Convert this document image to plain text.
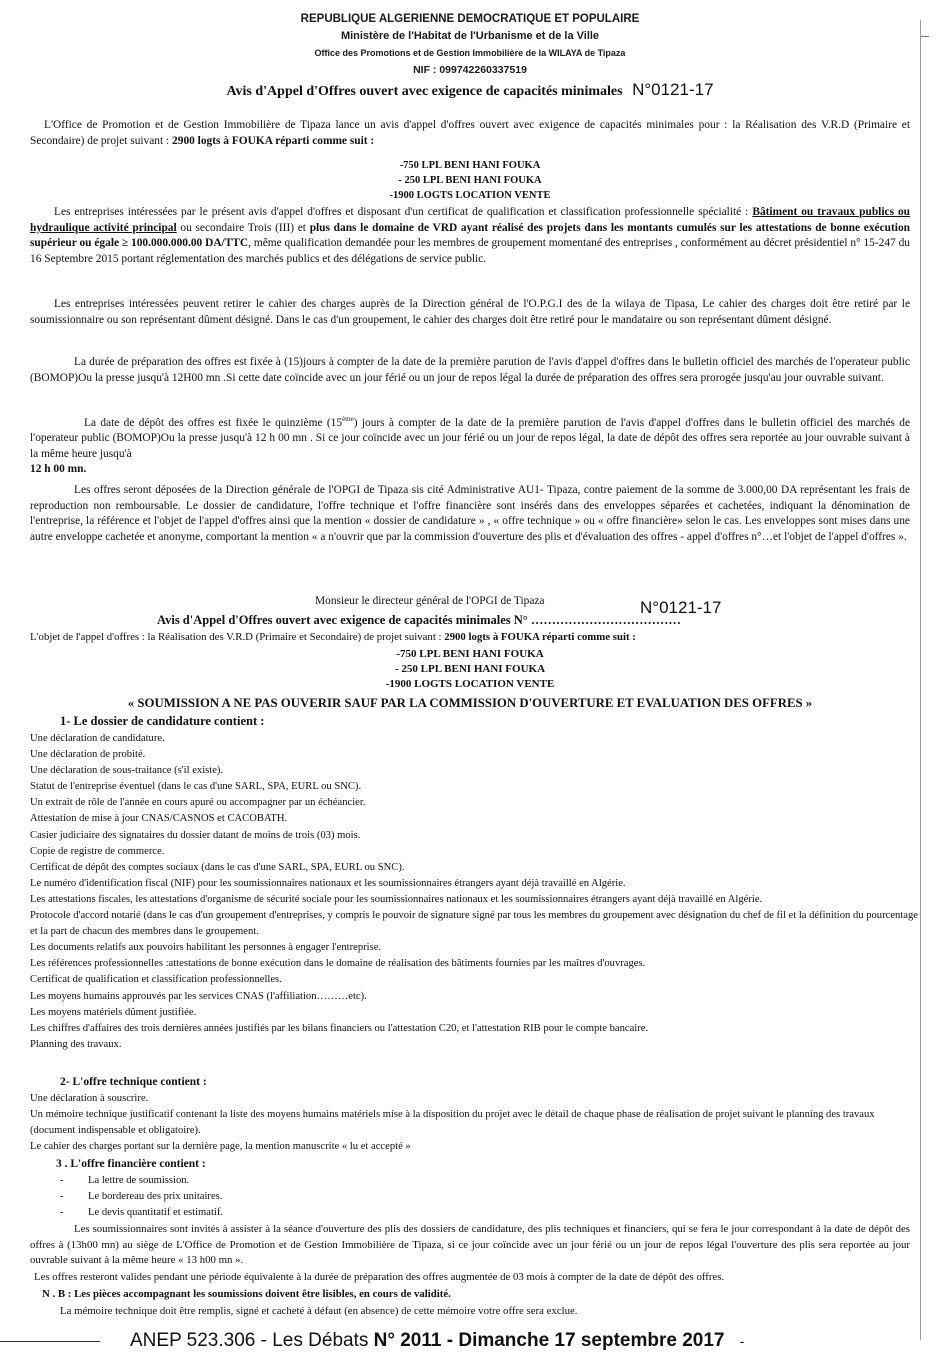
REPUBLIQUE ALGERIENNE DEMOCRATIQUE ET POPULAIRE
Ministère de l'Habitat de l'Urbanisme et de la Ville
Office des Promotions et de Gestion Immobilière de la WILAYA de Tipaza
NIF : 099742260337519
Avis d'Appel d'Offres ouvert avec exigence de capacités minimales N°0121-17
L'Office de Promotion et de Gestion Immobilière de Tipaza lance un avis d'appel d'offres ouvert avec exigence de capacités minimales pour : la Réalisation des V.R.D (Primaire et Secondaire) de projet suivant : 2900 logts à FOUKA réparti comme suit :
-750 LPL BENI HANI FOUKA
- 250 LPL BENI HANI FOUKA
-1900 LOGTS LOCATION VENTE
Les entreprises intéressées par le présent avis d'appel d'offres et disposant d'un certificat de qualification et classification professionnelle spécialité : Bâtiment ou travaux publics ou hydraulique activité principal ou secondaire Trois (III) et plus dans le domaine de VRD ayant réalisé des projets dans les montants cumulés sur les attestations de bonne exécution supérieur ou égale ≥ 100.000.000.00 DA/TTC, même qualification demandée pour les membres de groupement momentané des entreprises , conformément au décret présidentiel n° 15-247 du 16 Septembre 2015 portant réglementation des marchés publics et des délégations de service public.
Les entreprises intéressées peuvent retirer le cahier des charges auprès de la Direction général de l'O.P.G.I des de la wilaya de Tipasa, Le cahier des charges doit être retiré par le soumissionnaire ou son représentant dûment désigné. Dans le cas d'un groupement, le cahier des charges doit être retiré pour le mandataire ou son représentant dûment désigné.
La durée de préparation des offres est fixée à (15)jours à compter de la date de la première parution de l'avis d'appel d'offres dans le bulletin officiel des marchés de l'operateur public (BOMOP)Ou la presse jusqu'à 12H00 mn .Si cette date coïncide avec un jour férié ou un jour de repos légal la durée de préparation des offres sera prorogée jusqu'au jour ouvrable suivant.
La date de dépôt des offres est fixée le quinzième (15ème) jours à compter de la date de la première parution de l'avis d'appel d'offres dans le bulletin officiel des marchés de l'operateur public (BOMOP)Ou la presse jusqu'à 12 h 00 mn . Si ce jour coïncide avec un jour férié ou un jour de repos légal, la date de dépôt des offres sera reportée au jour ouvrable suivant à la même heure jusqu'à
12 h 00 mn.
Les offres seront déposées de la Direction générale de l'OPGI de Tipaza sis cité Administrative AU1- Tipaza, contre paiement de la somme de 3.000,00 DA représentant les frais de reproduction non remboursable. Le dossier de candidature, l'offre technique et l'offre financière sont insérés dans des enveloppes séparées et cachetées, indiquant la dénomination de l'entreprise, la référence et l'objet de l'appel d'offres ainsi que la mention « dossier de candidature » , « offre technique » ou « offre financière» selon le cas. Les enveloppes sont mises dans une autre enveloppe cachetée et anonyme, comportant la mention « a n'ouvrir que par la commission d'ouverture des plis et d'évaluation des offres - appel d'offres n°…et l'objet de l'appel d'offres ».
Monsieur le directeur général de l'OPGI de Tipaza	N°0121-17
Avis d'Appel d'Offres ouvert avec exigence de capacités minimales N° ………………………………
L'objet de l'appel d'offres : la Réalisation des V.R.D (Primaire et Secondaire) de projet suivant : 2900 logts à FOUKA réparti comme suit :
-750 LPL BENI HANI FOUKA
- 250 LPL BENI HANI FOUKA
-1900 LOGTS LOCATION VENTE
« SOUMISSION A NE PAS OUVERIR SAUF PAR LA COMMISSION D'OUVERTURE ET EVALUATION DES OFFRES »
1- Le dossier de candidature contient :
Une déclaration de candidature.
Une déclaration de probité.
Une déclaration de sous-traitance (s'il existe).
Statut de l'entreprise éventuel (dans le cas d'une SARL, SPA, EURL ou SNC).
Un extrait de rôle de l'année en cours apuré ou accompagner par un échéancier.
Attestation de mise à jour CNAS/CASNOS et CACOBATH.
Casier judiciaire des signataires du dossier datant de moins de trois (03) mois.
Copie de registre de commerce.
Certificat de dépôt des comptes sociaux (dans le cas d'une SARL, SPA, EURL ou SNC).
Le numéro d'identification fiscal (NIF) pour les soumissionnaires nationaux et les soumissionnaires étrangers ayant déjà travaillé en Algérie.
Les attestations fiscales, les attestations d'organisme de sécurité sociale pour les soumissionnaires nationaux et les soumissionnaires étrangers ayant déjà travaillé en Algérie.
Protocole d'accord notarié (dans le cas d'un groupement d'entreprises, y compris le pouvoir de signature signé par tous les membres du groupement avec désignation du chef de fil et la définition du pourcentage et la part de chacun des membres dans le groupement.
Les documents relatifs aux pouvoirs habilitant les personnes à engager l'entreprise.
Les références professionnelles :attestations de bonne exécution dans le domaine de réalisation des bâtiments fournies par les maîtres d'ouvrages.
Certificat de qualification et classification professionnelles.
Les moyens humains approuvés par les services CNAS (l'affiliation………etc).
Les moyens matériels dûment justifiée.
Les chiffres d'affaires des trois dernières années justifiés par les bilans financiers ou l'attestation C20, et l'attestation RIB pour le compte bancaire.
Planning des travaux.
2- L'offre technique contient :
Une déclaration à souscrire.
Un mémoire technique justificatif contenant la liste des moyens humains matériels mise à la disposition du projet avec le détail de chaque phase de réalisation de projet suivant le planning des travaux (document indispensable et obligatoire).
Le cahier des charges portant sur la dernière page, la mention manuscrite « lu et accepté »
3 . L'offre financière contient :
- La lettre de soumission.
- Le bordereau des prix unitaires.
- Le devis quantitatif et estimatif.
Les soumissionnaires sont invités à assister à la séance d'ouverture des plis des dossiers de candidature, des plis techniques et financiers, qui se fera le jour correspondant à la date de dépôt des offres à (13h00 mn) au siège de L'Office de Promotion et de Gestion Immobilière de Tipaza, si ce jour coïncide avec un jour férié ou un jour de repos légal l'ouverture des plis sera reportée au jour ouvrable suivant à la même heure « 13 h00 mn ».
Les offres resteront valides pendant une période équivalente à la durée de préparation des offres augmentée de 03 mois à compter de la date de dépôt des offres.
N . B : Les pièces accompagnant les soumissions doivent être lisibles, en cours de validité.
La mémoire technique doit être remplis, signé et cacheté à défaut (en absence) de cette mémoire votre offre sera exclue.
ANEP 523.306 - Les Débats N° 2011 - Dimanche 17 septembre 2017 -
